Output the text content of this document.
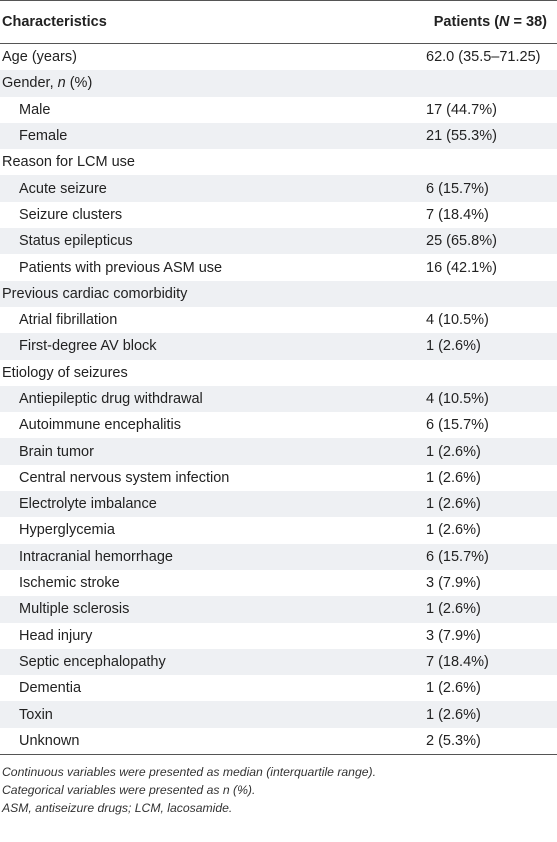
Characteristics	Patients (N = 38)
Age (years)	62.0 (35.5–71.25)
Gender, n (%)
Male	17 (44.7%)
Female	21 (55.3%)
Reason for LCM use
Acute seizure	6 (15.7%)
Seizure clusters	7 (18.4%)
Status epilepticus	25 (65.8%)
Patients with previous ASM use	16 (42.1%)
Previous cardiac comorbidity
Atrial fibrillation	4 (10.5%)
First-degree AV block	1 (2.6%)
Etiology of seizures
Antiepileptic drug withdrawal	4 (10.5%)
Autoimmune encephalitis	6 (15.7%)
Brain tumor	1 (2.6%)
Central nervous system infection	1 (2.6%)
Electrolyte imbalance	1 (2.6%)
Hyperglycemia	1 (2.6%)
Intracranial hemorrhage	6 (15.7%)
Ischemic stroke	3 (7.9%)
Multiple sclerosis	1 (2.6%)
Head injury	3 (7.9%)
Septic encephalopathy	7 (18.4%)
Dementia	1 (2.6%)
Toxin	1 (2.6%)
Unknown	2 (5.3%)
Continuous variables were presented as median (interquartile range).
Categorical variables were presented as n (%).
ASM, antiseizure drugs; LCM, lacosamide.
